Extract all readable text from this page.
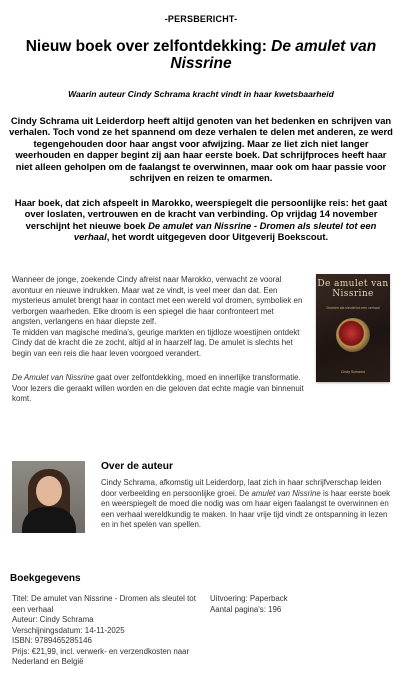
-PERSBERICHT-
Nieuw boek over zelfontdekking: De amulet van Nissrine
Waarin auteur Cindy Schrama kracht vindt in haar kwetsbaarheid

Cindy Schrama uit Leiderdorp heeft altijd genoten van het bedenken en schrijven van verhalen. Toch vond ze het spannend om deze verhalen te delen met anderen, ze werd tegengehouden door haar angst voor afwijzing. Maar ze liet zich niet langer weerhouden en dapper begint zij aan haar eerste boek. Dat schrijfproces heeft haar niet alleen geholpen om de faalangst te overwinnen, maar ook om haar passie voor schrijven en reizen te omarmen.

Haar boek, dat zich afspeelt in Marokko, weerspiegelt die persoonlijke reis: het gaat over loslaten, vertrouwen en de kracht van verbinding. Op vrijdag 14 november verschijnt het nieuwe boek De amulet van Nissrine - Dromen als sleutel tot een verhaal, het wordt uitgegeven door Uitgeverij Boekscout.

Wanneer de jonge, zoekende Cindy afreist naar Marokko, verwacht ze vooral avontuur en nieuwe indrukken. Maar wat ze vindt, is veel meer dan dat. Een mysterieus amulet brengt haar in contact met een wereld vol dromen, symboliek en verborgen waarheden. Elke droom is een spiegel die haar confronteert met angsten, verlangens en haar diepste zelf.
Te midden van magische medina's, geurige markten en tijdloze woestijnen ontdekt Cindy dat de kracht die ze zocht, altijd al in haarzelf lag. De amulet is slechts het begin van een reis die haar leven voorgoed verandert.

De Amulet van Nissrine gaat over zelfontdekking, moed en innerlijke transformatie. Voor lezers die geraakt willen worden en die geloven dat echte magie van binnenuit komt.

De amulet van Nissrine
Dromen als sleutel tot een verhaal
Cindy Schrama
Over de auteur

Cindy Schrama, afkomstig uit Leiderdorp, laat zich in haar schrijfverschap leiden door verbeelding en persoonlijke groei. De amulet van Nissrine is haar eerste boek en weerspiegelt de moed die nodig was om haar eigen faalangst te overwinnen en een verhaal wereldkundig te maken. In haar vrije tijd vindt ze ontspanning in lezen en in het spelen van spellen.

Boekgegevens
Titel: De amulet van Nissrine - Dromen als sleutel tot een verhaal
Auteur: Cindy Schrama
Verschijningsdatum: 14-11-2025
ISBN: 9789465285146
Prijs: €21,99, incl. verwerk- en verzendkosten naar Nederland en België
Uitvoering: Paperback
Aantal pagina's: 196
